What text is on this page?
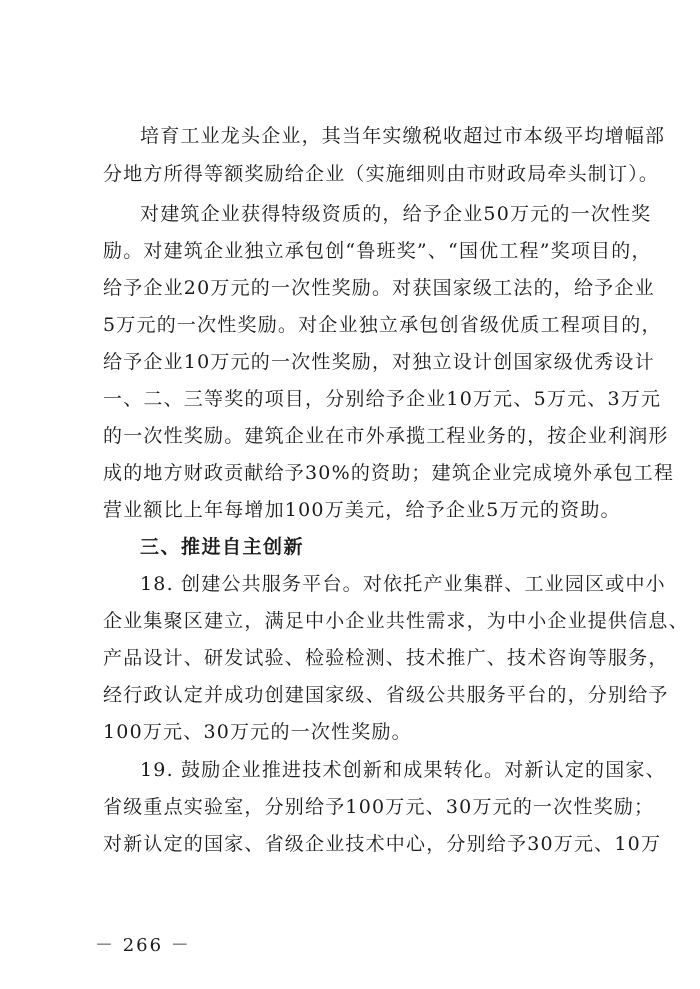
培育工业龙头企业，其当年实缴税收超过市本级平均增幅部
分地方所得等额奖励给企业（实施细则由市财政局牵头制订）。
对建筑企业获得特级资质的，给予企业50万元的一次性奖
励。对建筑企业独立承包创“鲁班奖”、“国优工程”奖项目的，
给予企业20万元的一次性奖励。对获国家级工法的，给予企业
5万元的一次性奖励。对企业独立承包创省级优质工程项目的，
给予企业10万元的一次性奖励，对独立设计创国家级优秀设计
一、二、三等奖的项目，分别给予企业10万元、5万元、3万元
的一次性奖励。建筑企业在市外承揽工程业务的，按企业利润形
成的地方财政贡献给予30%的资助；建筑企业完成境外承包工程
营业额比上年每增加100万美元，给予企业5万元的资助。
三、推进自主创新
18. 创建公共服务平台。对依托产业集群、工业园区或中小
企业集聚区建立，满足中小企业共性需求，为中小企业提供信息、
产品设计、研发试验、检验检测、技术推广、技术咨询等服务，
经行政认定并成功创建国家级、省级公共服务平台的，分别给予
100万元、30万元的一次性奖励。
19. 鼓励企业推进技术创新和成果转化。对新认定的国家、
省级重点实验室，分别给予100万元、30万元的一次性奖励；
对新认定的国家、省级企业技术中心，分别给予30万元、10万
－ 266 －
